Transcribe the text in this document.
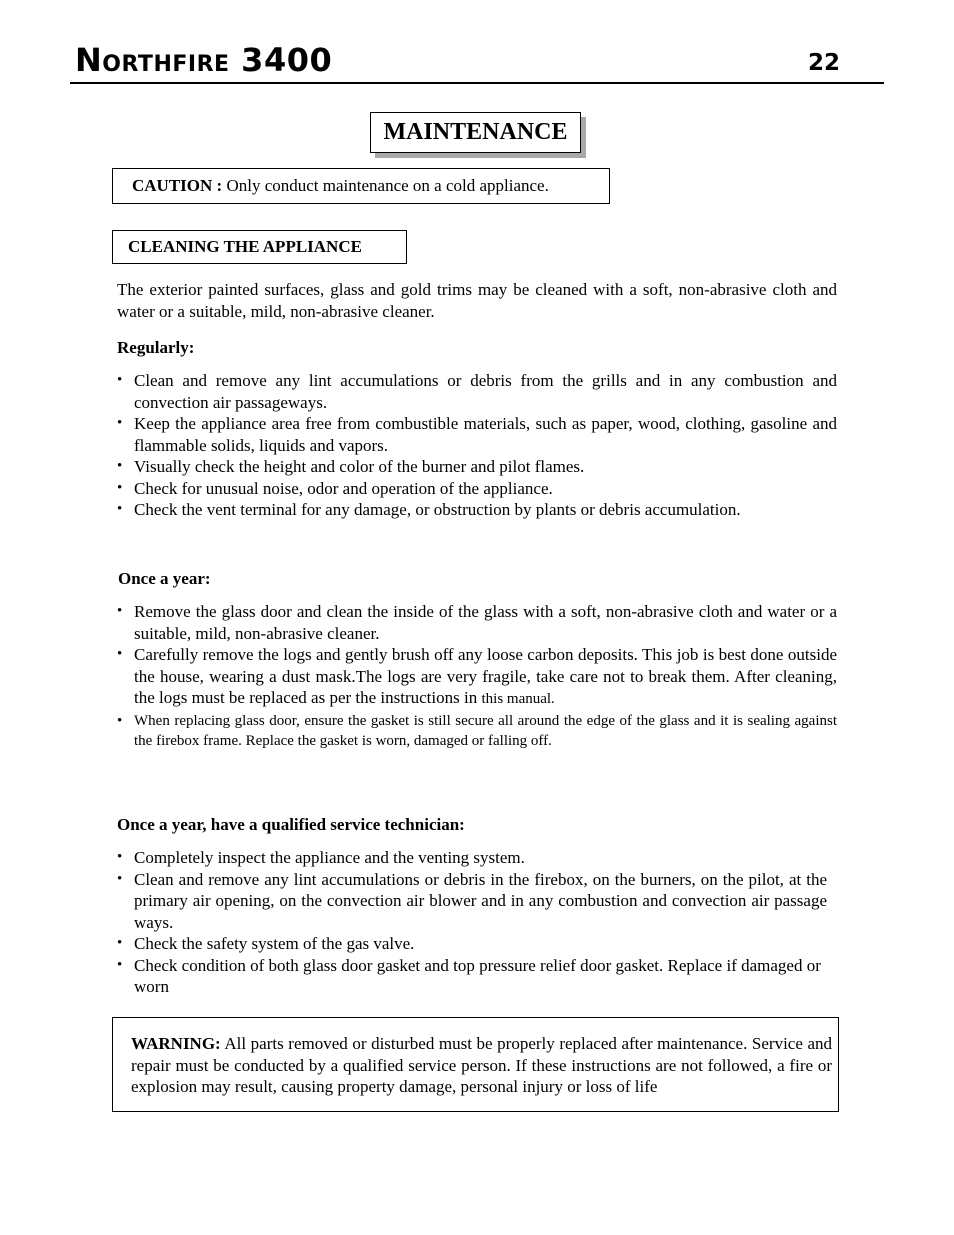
Northfire 3400	22
MAINTENANCE
CAUTION : Only conduct maintenance on a cold appliance.
CLEANING THE APPLIANCE
The exterior painted surfaces, glass and gold trims may be cleaned with a soft, non-abrasive cloth and water or a suitable, mild, non-abrasive cleaner.
Regularly:
• Clean and remove any lint accumulations or debris from the grills and in any combustion and convection air passageways.
• Keep the appliance area free from combustible materials, such as paper, wood, clothing, gasoline and flammable solids, liquids and vapors.
• Visually check the height and color of the burner and pilot flames.
• Check for unusual noise, odor and operation of the appliance.
• Check the vent terminal for any damage, or obstruction by plants or debris accumulation.
Once a year:
• Remove the glass door and clean the inside of the glass with a soft, non-abrasive cloth and water or a suitable, mild, non-abrasive cleaner.
• Carefully remove the logs and gently brush off any loose carbon deposits. This job is best done outside the house, wearing a dust mask.The logs are very fragile, take care not to break them. After cleaning, the logs must be replaced as per the instructions in this manual.
• When replacing glass door, ensure the gasket is still secure all around the edge of the glass and it is sealing against the firebox frame. Replace the gasket is worn, damaged or falling off.
Once a year, have a qualified service technician:
• Completely inspect the appliance and the venting system.
• Clean and remove any lint accumulations or debris in the firebox, on the burners, on the pilot, at the primary air opening, on the convection air blower and in any combustion and convection air passage ways.
• Check the safety system of the gas valve.
• Check condition of both glass door gasket and top pressure relief door gasket. Replace if damaged or worn
WARNING: All parts removed or disturbed must be properly replaced after maintenance. Service and repair must be conducted by a qualified service person. If these instructions are not followed, a fire or explosion may result, causing property damage, personal injury or loss of life
